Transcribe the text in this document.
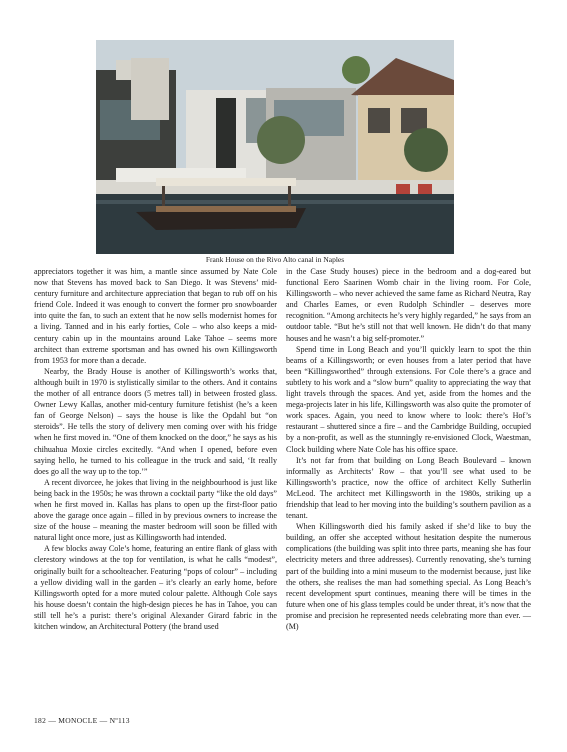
Frank House on the Rivo Alto canal in Naples

appreciators together it was him, a mantle since assumed by Nate Cole now that Stevens has moved back to San Diego. It was Stevens’ mid-century furniture and architecture appreciation that began to rub off on his friend Cole. Indeed it was enough to convert the former pro snowboarder into quite the fan, to such an extent that he now sells modernist homes for a living. Tanned and in his early forties, Cole – who also keeps a mid-century cabin up in the mountains around Lake Tahoe – seems more architect than extreme sportsman and has owned his own Killingsworth from 1953 for more than a decade.

Nearby, the Brady House is another of Killingsworth’s works that, although built in 1970 is stylistically similar to the others. And it contains the mother of all entrance doors (5 metres tall) in between frosted glass. Owner Lewy Kallas, another mid-century furniture fetishist (he’s a keen fan of George Nelson) – says the house is like the Opdahl but “on steroids”. He tells the story of delivery men coming over with his fridge when he first moved in. “One of them knocked on the door,” he says as his chihuahua Moxie circles excitedly. “And when I opened, before even saying hello, he turned to his colleague in the truck and said, ‘It really does go all the way up to the top.’”

A recent divorcee, he jokes that living in the neighbourhood is just like being back in the 1950s; he was thrown a cocktail party “like the old days” when he first moved in. Kallas has plans to open up the first-floor patio above the garage once again – filled in by previous owners to increase the size of the house – meaning the master bedroom will soon be filled with natural light once more, just as Killingsworth had intended.

A few blocks away Cole’s home, featuring an entire flank of glass with clerestory windows at the top for ventilation, is what he calls “modest”, originally built for a schoolteacher. Featuring “pops of colour” – including a yellow dividing wall in the garden – it’s clearly an early home, before Killingsworth opted for a more muted colour palette. Although Cole says his house doesn’t contain the high-design pieces he has in Tahoe, you can still tell he’s a purist: there’s original Alexander Girard fabric in the kitchen window, an Architectural Pottery (the brand used

in the Case Study houses) piece in the bedroom and a dog-eared but functional Eero Saarinen Womb chair in the living room. For Cole, Killingsworth – who never achieved the same fame as Richard Neutra, Ray and Charles Eames, or even Rudolph Schindler – deserves more recognition. “Among architects he’s very highly regarded,” he says from an outdoor table. “But he’s still not that well known. He didn’t do that many houses and he wasn’t a big self-promoter.”

Spend time in Long Beach and you’ll quickly learn to spot the thin beams of a Killingsworth; or even houses from a later period that have been “Killingsworthed” through extensions. For Cole there’s a grace and subtlety to his work and a “slow burn” quality to appreciating the way that light travels through the spaces. And yet, aside from the homes and the mega-projects later in his life, Killingsworth was also quite the promoter of work spaces. Again, you need to know where to look: there’s Hof’s restaurant – shuttered since a fire – and the Cambridge Building, occupied by a non-profit, as well as the stunningly re-envisioned Clock, Waestman, Clock building where Nate Cole has his office space.

It’s not far from that building on Long Beach Boulevard – known informally as Architects’ Row – that you’ll see what used to be Killingsworth’s practice, now the office of architect Kelly Sutherlin McLeod. The architect met Killingsworth in the 1980s, striking up a friendship that lead to her moving into the building’s southern pavilion as a tenant.

When Killingsworth died his family asked if she’d like to buy the building, an offer she accepted without hesitation despite the numerous complications (the building was split into three parts, meaning she has four electricity meters and three addresses). Currently renovating, she’s turning part of the building into a mini museum to the modernist because, just like the others, she realises the man had something special. As Long Beach’s recent development spurt continues, meaning there will be times in the future when one of his glass temples could be under threat, it’s now that the promise and precision he represented needs celebrating more than ever. — (M)

182 — MONOCLE — Nº113
